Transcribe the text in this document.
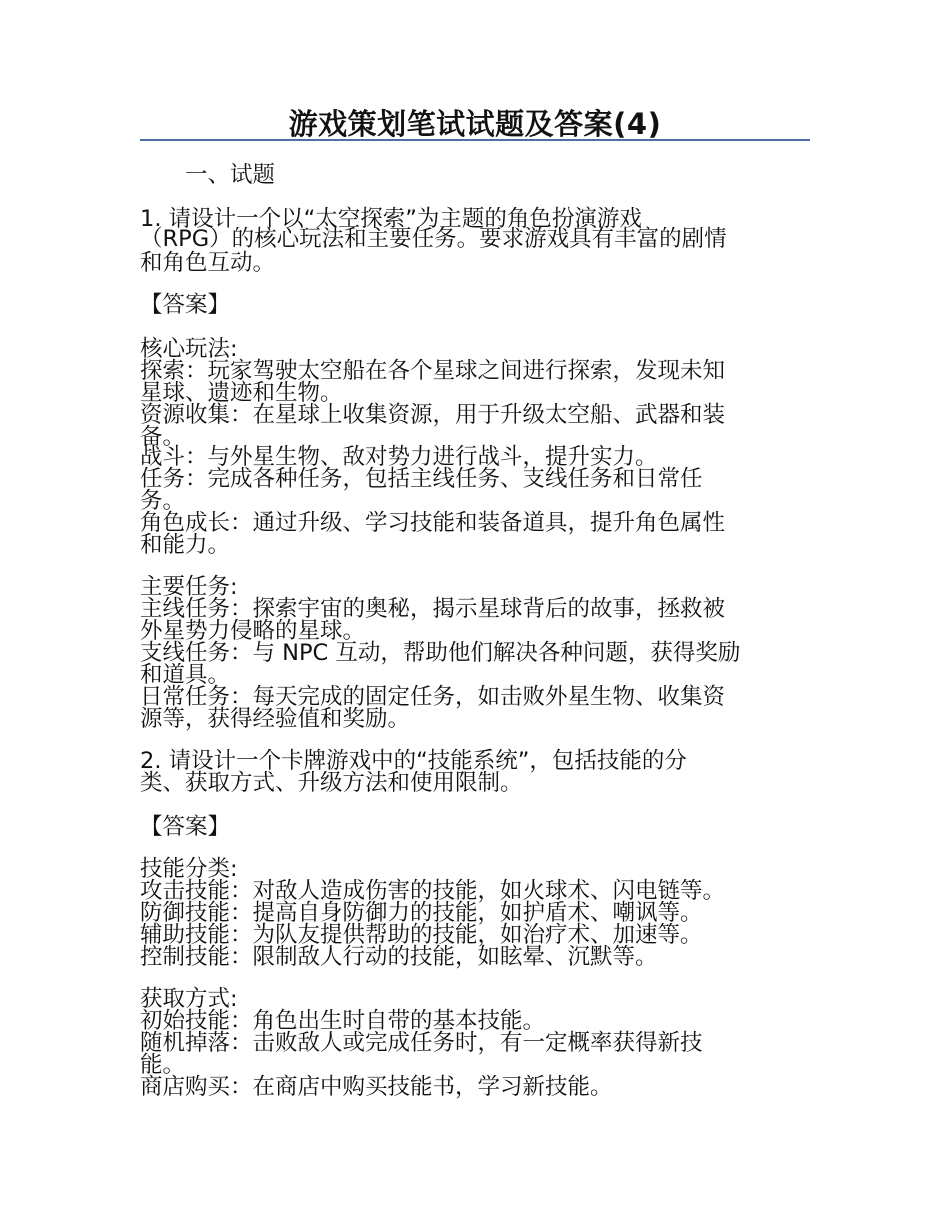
游戏策划笔试试题及答案(4)
一、试题
1. 请设计一个以“太空探索”为主题的角色扮演游戏
（RPG）的核心玩法和主要任务。要求游戏具有丰富的剧情
和角色互动。
【答案】
核心玩法:
探索：玩家驾驶太空船在各个星球之间进行探索，发现未知
星球、遗迹和生物。
资源收集：在星球上收集资源，用于升级太空船、武器和装
备。
战斗：与外星生物、敌对势力进行战斗，提升实力。
任务：完成各种任务，包括主线任务、支线任务和日常任
务。
角色成长：通过升级、学习技能和装备道具，提升角色属性
和能力。
主要任务:
主线任务：探索宇宙的奥秘，揭示星球背后的故事，拯救被
外星势力侵略的星球。
支线任务：与 NPC 互动，帮助他们解决各种问题，获得奖励
和道具。
日常任务：每天完成的固定任务，如击败外星生物、收集资
源等，获得经验值和奖励。
2. 请设计一个卡牌游戏中的“技能系统”，包括技能的分
类、获取方式、升级方法和使用限制。
【答案】
技能分类:
攻击技能：对敌人造成伤害的技能，如火球术、闪电链等。
防御技能：提高自身防御力的技能，如护盾术、嘲讽等。
辅助技能：为队友提供帮助的技能，如治疗术、加速等。
控制技能：限制敌人行动的技能，如眩晕、沉默等。
获取方式:
初始技能：角色出生时自带的基本技能。
随机掉落：击败敌人或完成任务时，有一定概率获得新技
能。
商店购买：在商店中购买技能书，学习新技能。
